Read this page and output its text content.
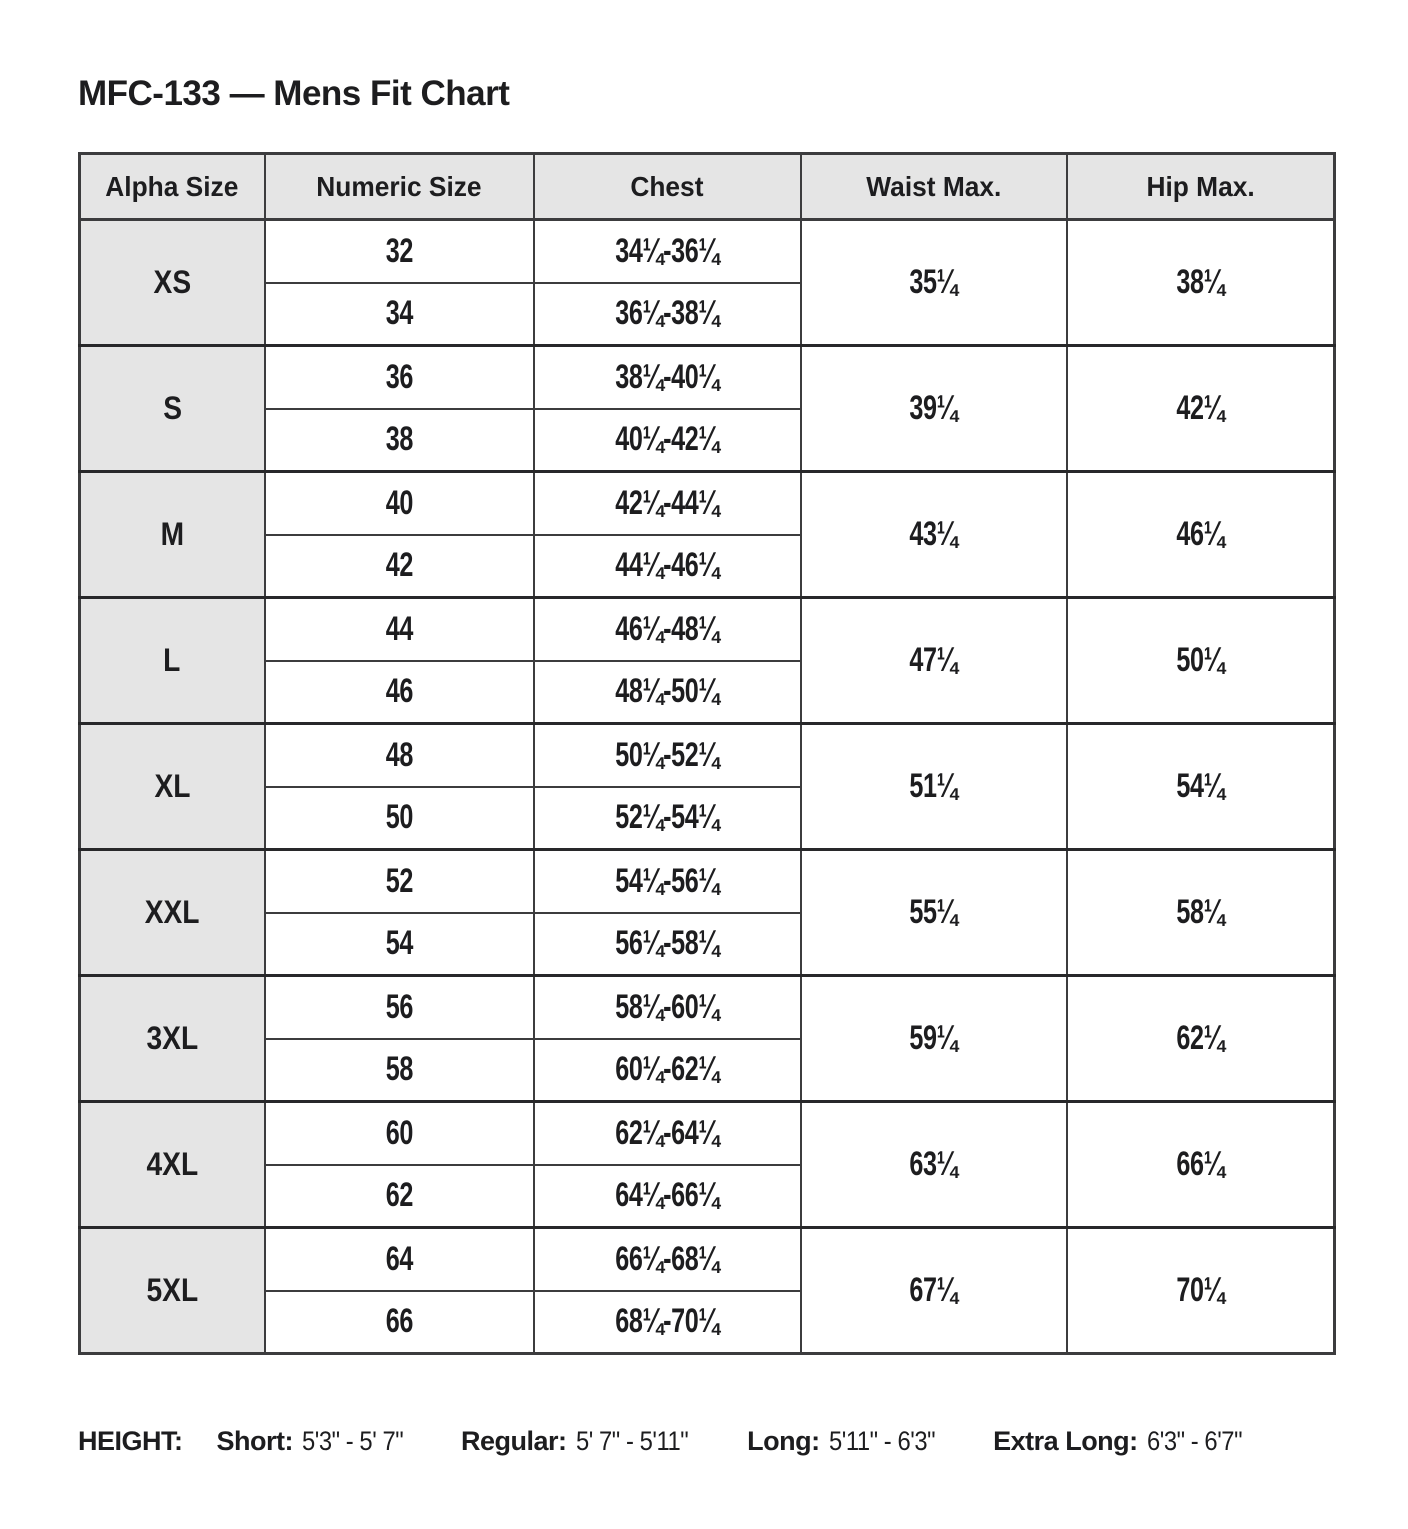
MFC-133 — Mens Fit Chart
Alpha Size	Numeric Size	Chest	Waist Max.	Hip Max.
XS	32	34¼-36¼	35¼	38¼
	34	36¼-38¼		
S	36	38¼-40¼	39¼	42¼
	38	40¼-42¼		
M	40	42¼-44¼	43¼	46¼
	42	44¼-46¼		
L	44	46¼-48¼	47¼	50¼
	46	48¼-50¼		
XL	48	50¼-52¼	51¼	54¼
	50	52¼-54¼		
XXL	52	54¼-56¼	55¼	58¼
	54	56¼-58¼		
3XL	56	58¼-60¼	59¼	62¼
	58	60¼-62¼		
4XL	60	62¼-64¼	63¼	66¼
	62	64¼-66¼		
5XL	64	66¼-68¼	67¼	70¼
	66	68¼-70¼		
HEIGHT: Short: 5'3" - 5' 7" Regular: 5' 7" - 5'11" Long: 5'11" - 6'3" Extra Long: 6'3" - 6'7"
